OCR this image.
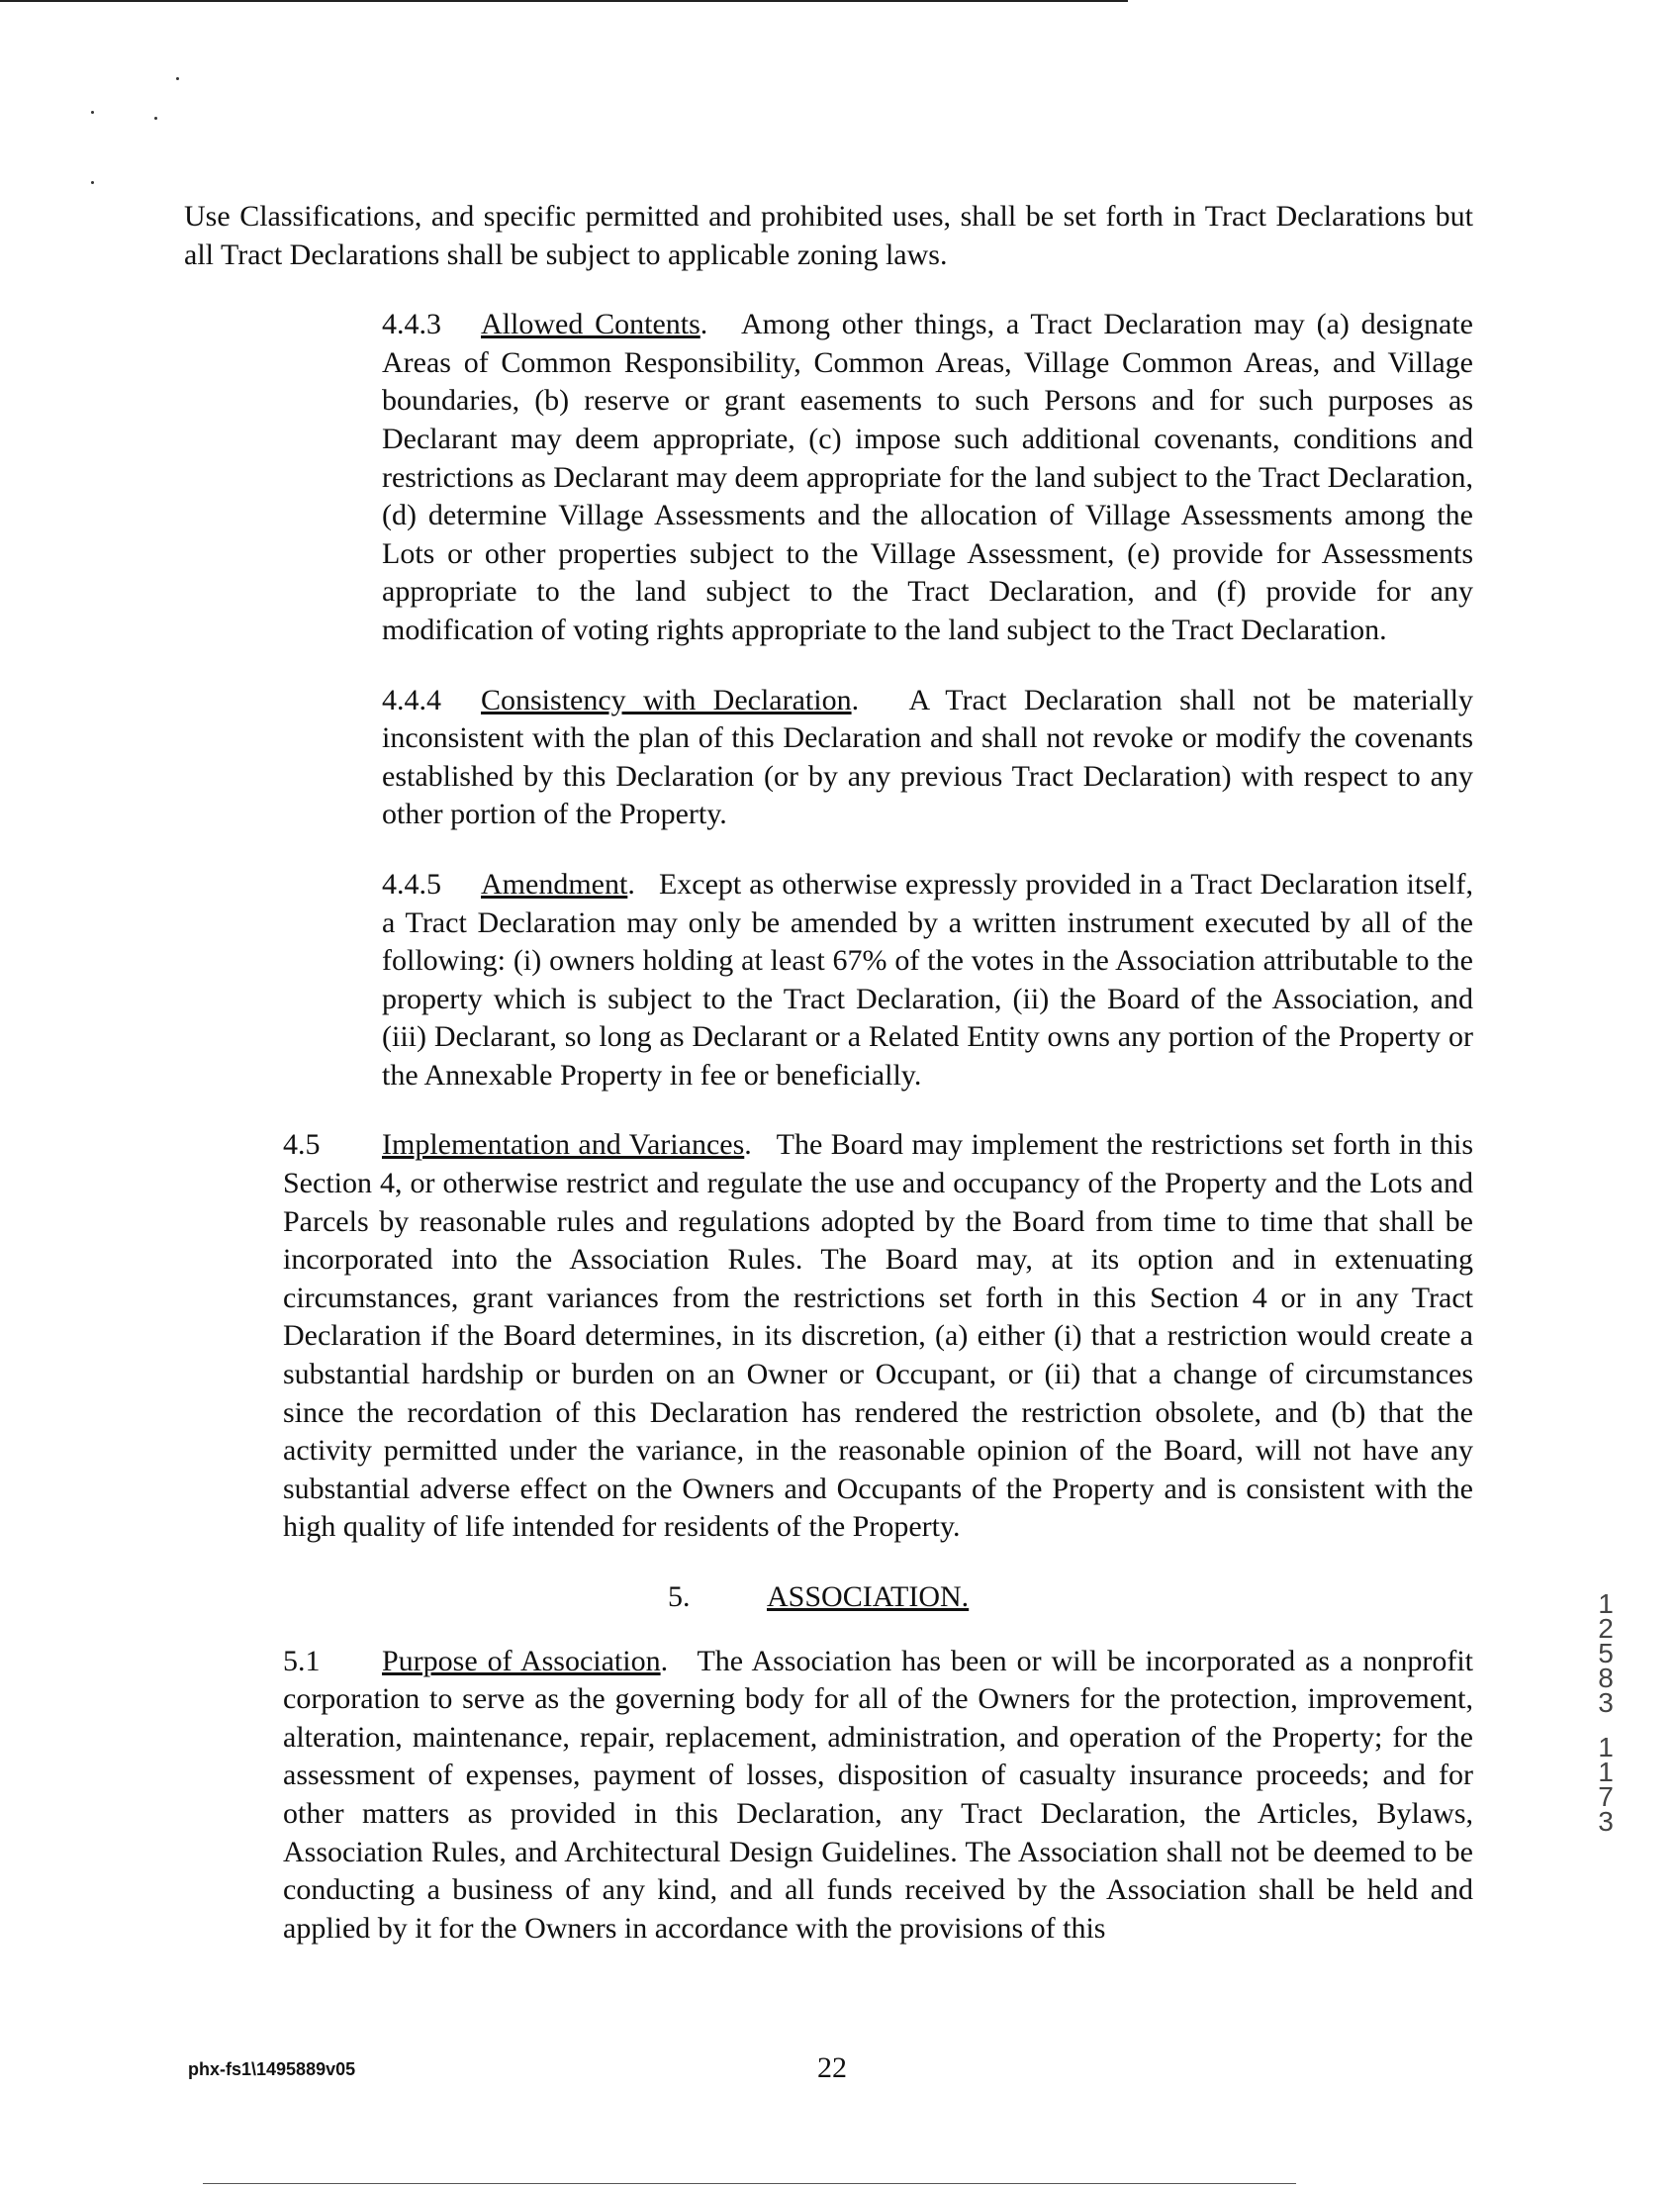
Use Classifications, and specific permitted and prohibited uses, shall be set forth in Tract Declarations but all Tract Declarations shall be subject to applicable zoning laws.

4.4.3 Allowed Contents.   Among other things, a Tract Declaration may (a) designate Areas of Common Responsibility, Common Areas, Village Common Areas, and Village boundaries, (b) reserve or grant easements to such Persons and for such purposes as Declarant may deem appropriate, (c) impose such additional covenants, conditions and restrictions as Declarant may deem appropriate for the land subject to the Tract Declaration, (d) determine Village Assessments and the allocation of Village Assessments among the Lots or other properties subject to the Village Assessment, (e) provide for Assessments appropriate to the land subject to the Tract Declaration, and (f) provide for any modification of voting rights appropriate to the land subject to the Tract Declaration.

4.4.4 Consistency with Declaration.   A Tract Declaration shall not be materially inconsistent with the plan of this Declaration and shall not revoke or modify the covenants established by this Declaration (or by any previous Tract Declaration) with respect to any other portion of the Property.

4.4.5 Amendment.   Except as otherwise expressly provided in a Tract Declaration itself, a Tract Declaration may only be amended by a written instrument executed by all of the following: (i) owners holding at least 67% of the votes in the Association attributable to the property which is subject to the Tract Declaration, (ii) the Board of the Association, and (iii) Declarant, so long as Declarant or a Related Entity owns any portion of the Property or the Annexable Property in fee or beneficially.

4.5 Implementation and Variances.   The Board may implement the restrictions set forth in this Section 4, or otherwise restrict and regulate the use and occupancy of the Property and the Lots and Parcels by reasonable rules and regulations adopted by the Board from time to time that shall be incorporated into the Association Rules. The Board may, at its option and in extenuating circumstances, grant variances from the restrictions set forth in this Section 4 or in any Tract Declaration if the Board determines, in its discretion, (a) either (i) that a restriction would create a substantial hardship or burden on an Owner or Occupant, or (ii) that a change of circumstances since the recordation of this Declaration has rendered the restriction obsolete, and (b) that the activity permitted under the variance, in the reasonable opinion of the Board, will not have any substantial adverse effect on the Owners and Occupants of the Property and is consistent with the high quality of life intended for residents of the Property.

5.	ASSOCIATION.

5.1 Purpose of Association.   The Association has been or will be incorporated as a nonprofit corporation to serve as the governing body for all of the Owners for the protection, improvement, alteration, maintenance, repair, replacement, administration, and operation of the Property; for the assessment of expenses, payment of losses, disposition of casualty insurance proceeds; and for other matters as provided in this Declaration, any Tract Declaration, the Articles, Bylaws, Association Rules, and Architectural Design Guidelines. The Association shall not be deemed to be conducting a business of any kind, and all funds received by the Association shall be held and applied by it for the Owners in accordance with the provisions of this

1
2
5
8
3
1
1
7
3
phx-fs1\1495889v05	22
